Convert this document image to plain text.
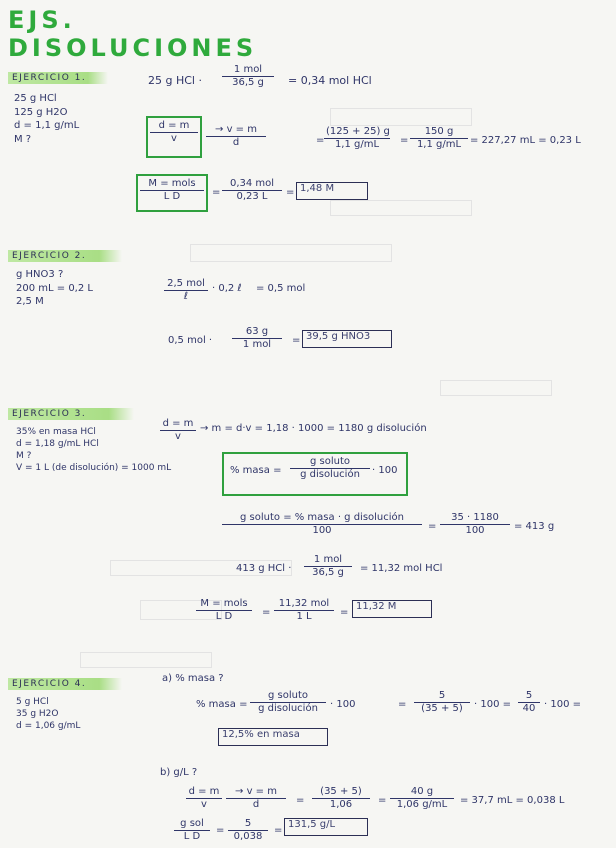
EJS. DISOLUCIONES
EJERCICIO 1.
25 g HCl
125 g H2O
d = 1,1 g/mL
M ?
25 g HCl ·
1 mol
36,5 g	= 0,34 mol HCl
$\frac{d = m}{v} \frac{\to v = m}{d}$	= $\frac{(125 + 25) g}{1,1 g/mL} = \frac{150 g}{1,1 g/mL} = 227,27$ mL = 0,23 L
M = mols
L D	=
0,34 mol
0,23 L	= 1,48 M
EJERCICIO 2.
g HNO3 ?
200 mL = 0,2 L
2,5 M
2,5 mol
ℓ
· 0,2 ℓ = 0,5 mol
0,5 mol ·
63 g
1 mol	= 39,5 g HNO3
EJERCICIO 3.
35% en masa HCl
d = 1,18 g/mL HCl
M ?
V = 1 L (de disolución) = 1000 mL
$\frac{d = m}{v} \to m = d\cdot v = 1,18 \cdot 1000 = 1180$ g disolución
% masa =
g soluto
g disolución	· 100
g soluto = % masa · g disolución
100	= $\frac{35 \cdot 1180}{100} = 413$ g
413 g HCl ·
1 mol
36,5 g	= 11,32 mol HCl
M = mols
L D	=
11,32 mol
1 L	=
11,32 M
EJERCICIO 4.
5 g HCl
35 g H2O
d = 1,06 g/mL
a) % masa ?
% masa =
g soluto
g disolución	· 100	= $\frac{5}{(35 + 5)} \cdot 100 = \frac{5}{40} \cdot 100$ =
12,5% en masa
b) g/L ?
$\frac{d = m}{v} \frac{\to v = m}{d} = \frac{(35 + 5)}{1,06} = \frac{40 g}{1,06 g/mL} = 37,7$ mL = 0,038 L
g sol
L D
= $\frac{5}{0,038}$ =
131,5 g/L
